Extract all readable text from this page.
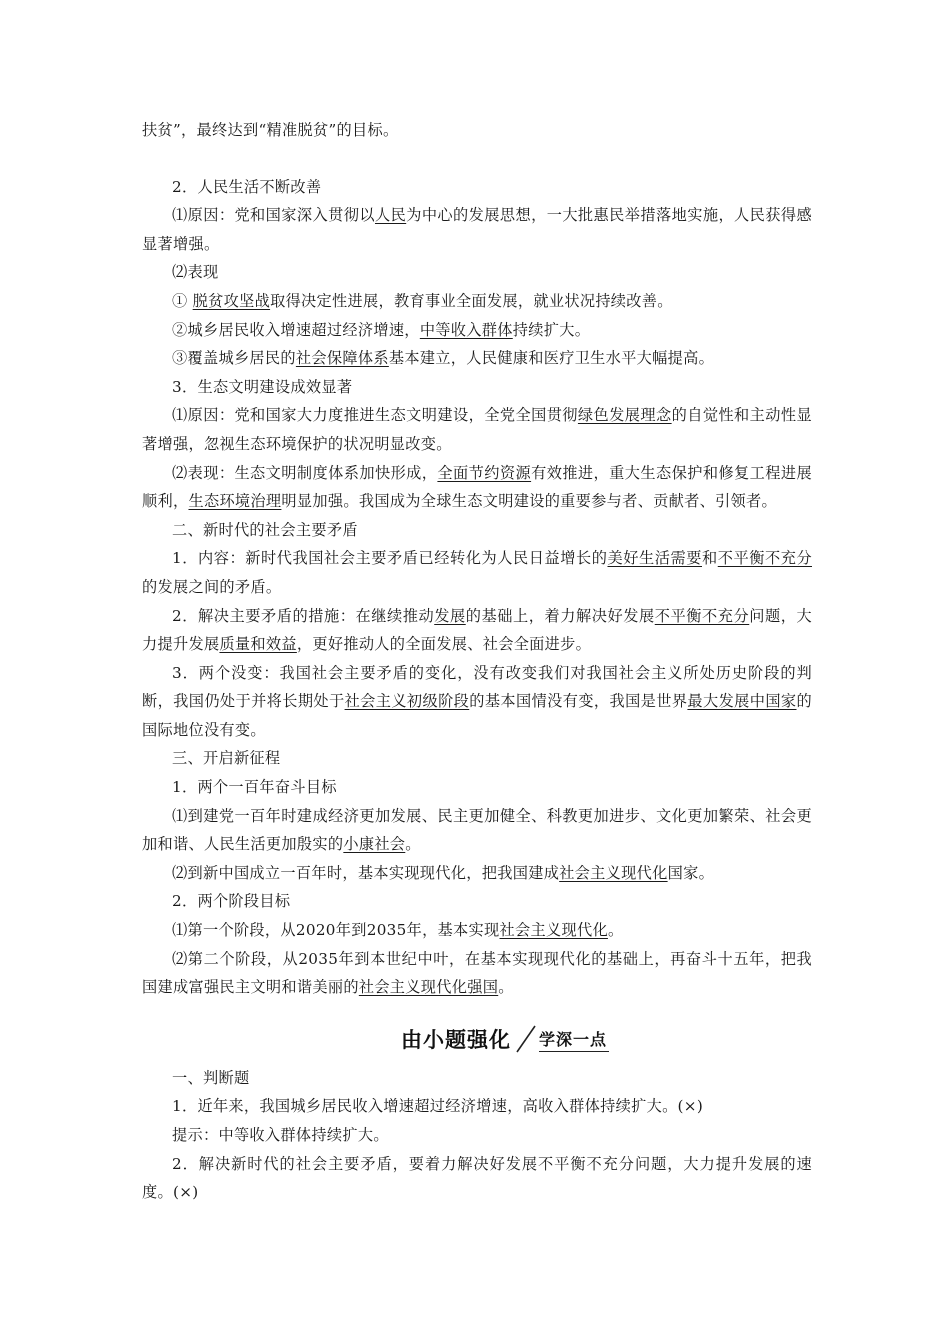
扶贫”，最终达到“精准脱贫”的目标。

2．人民生活不断改善

⑴原因：党和国家深入贯彻以人民为中心的发展思想，一大批惠民举措落地实施，人民获得感显著增强。

⑵表现

① 脱贫攻坚战取得决定性进展，教育事业全面发展，就业状况持续改善。

②城乡居民收入增速超过经济增速，中等收入群体持续扩大。

③覆盖城乡居民的社会保障体系基本建立，人民健康和医疗卫生水平大幅提高。

3．生态文明建设成效显著

⑴原因：党和国家大力度推进生态文明建设，全党全国贯彻绿色发展理念的自觉性和主动性显著增强，忽视生态环境保护的状况明显改变。

⑵表现：生态文明制度体系加快形成，全面节约资源有效推进，重大生态保护和修复工程进展顺利，生态环境治理明显加强。我国成为全球生态文明建设的重要参与者、贡献者、引领者。

二、新时代的社会主要矛盾

1．内容：新时代我国社会主要矛盾已经转化为人民日益增长的美好生活需要和不平衡不充分的发展之间的矛盾。

2．解决主要矛盾的措施：在继续推动发展的基础上，着力解决好发展不平衡不充分问题，大力提升发展质量和效益，更好推动人的全面发展、社会全面进步。

3．两个没变：我国社会主要矛盾的变化，没有改变我们对我国社会主义所处历史阶段的判断，我国仍处于并将长期处于社会主义初级阶段的基本国情没有变，我国是世界最大发展中国家的国际地位没有变。

三、开启新征程

1．两个一百年奋斗目标

⑴到建党一百年时建成经济更加发展、民主更加健全、科教更加进步、文化更加繁荣、社会更加和谐、人民生活更加殷实的小康社会。

⑵到新中国成立一百年时，基本实现现代化，把我国建成社会主义现代化国家。

2．两个阶段目标

⑴第一个阶段，从2020年到2035年，基本实现社会主义现代化。

⑵第二个阶段，从2035年到本世纪中叶，在基本实现现代化的基础上，再奋斗十五年，把我国建成富强民主文明和谐美丽的社会主义现代化强国。

由小题强化 学深一点

一、判断题

1．近年来，我国城乡居民收入增速超过经济增速，高收入群体持续扩大。(×)

提示：中等收入群体持续扩大。

2．解决新时代的社会主要矛盾，要着力解决好发展不平衡不充分问题，大力提升发展的速度。(×)
